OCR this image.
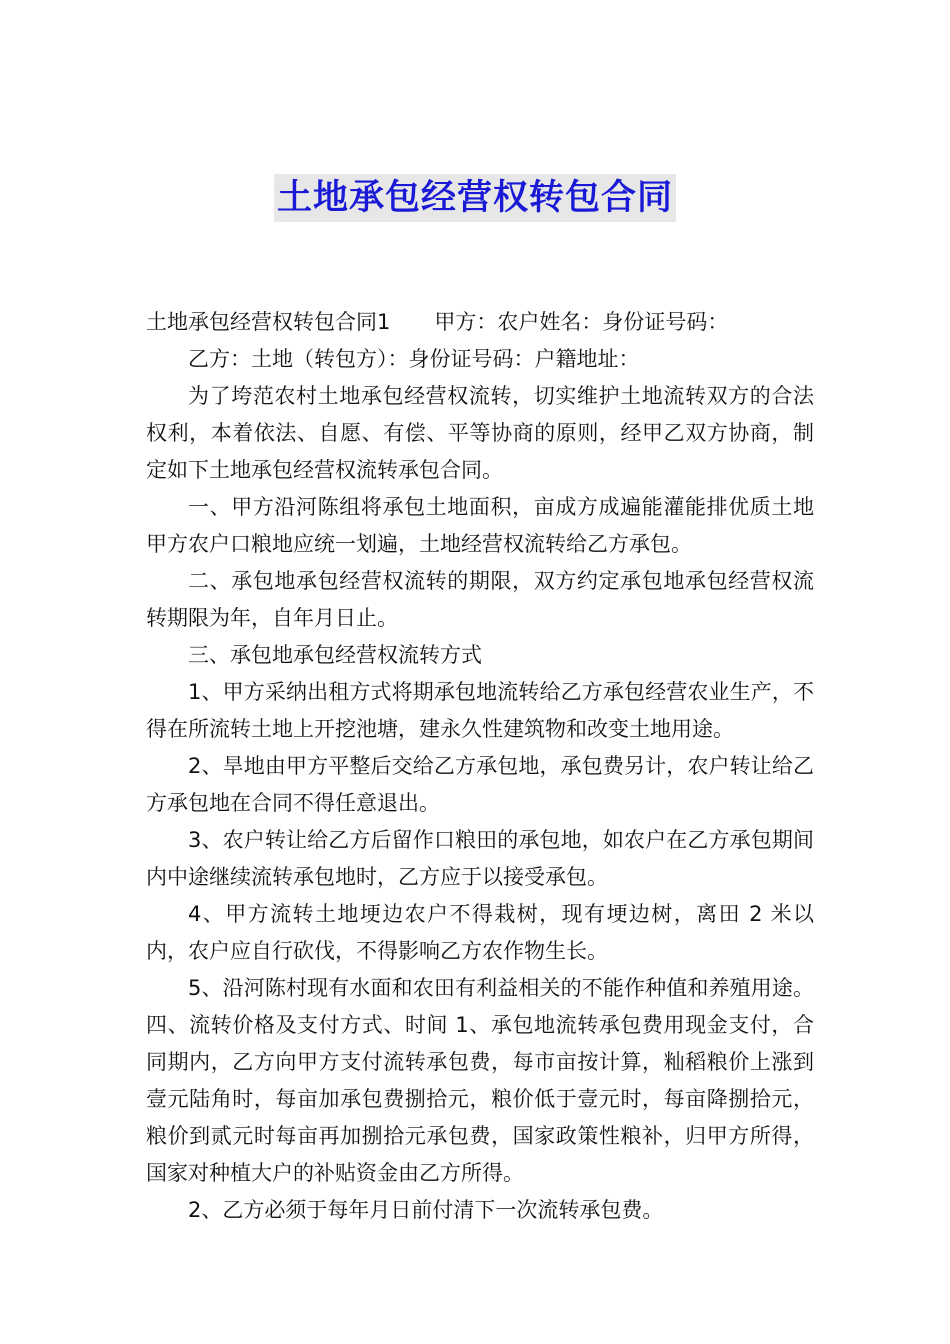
土地承包经营权转包合同

土地承包经营权转包合同1 甲方：农户姓名：身份证号码：

乙方：土地（转包方）：身份证号码：户籍地址：

为了垮范农村土地承包经营权流转，切实维护土地流转双方的合法权利，本着依法、自愿、有偿、平等协商的原则，经甲乙双方协商，制定如下土地承包经营权流转承包合同。

一、甲方沿河陈组将承包土地面积，亩成方成遍能灌能排优质土地甲方农户口粮地应统一划遍，土地经营权流转给乙方承包。

二、承包地承包经营权流转的期限，双方约定承包地承包经营权流转期限为年，自年月日止。

三、承包地承包经营权流转方式

1、甲方采纳出租方式将期承包地流转给乙方承包经营农业生产，不得在所流转土地上开挖池塘，建永久性建筑物和改变土地用途。

2、旱地由甲方平整后交给乙方承包地，承包费另计，农户转让给乙方承包地在合同不得任意退出。

3、农户转让给乙方后留作口粮田的承包地，如农户在乙方承包期间内中途继续流转承包地时，乙方应于以接受承包。

4、甲方流转土地埂边农户不得栽树，现有埂边树，离田 2 米以内，农户应自行砍伐，不得影响乙方农作物生长。

5、沿河陈村现有水面和农田有利益相关的不能作种值和养殖用途。四、流转价格及支付方式、时间 1、承包地流转承包费用现金支付，合同期内，乙方向甲方支付流转承包费，每市亩按计算，籼稻粮价上涨到壹元陆角时，每亩加承包费捌拾元，粮价低于壹元时，每亩降捌拾元，粮价到贰元时每亩再加捌拾元承包费，国家政策性粮补，归甲方所得，国家对种植大户的补贴资金由乙方所得。

2、乙方必须于每年月日前付清下一次流转承包费。
